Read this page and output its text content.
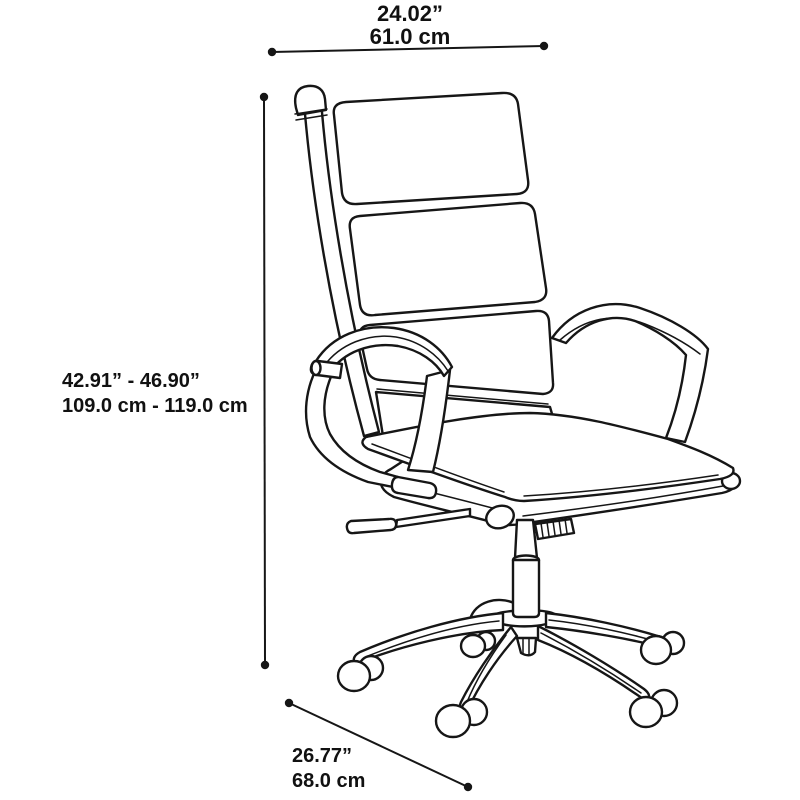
24.02”
61.0 cm
42.91” - 46.90”
109.0 cm - 119.0 cm
26.77”
68.0 cm
